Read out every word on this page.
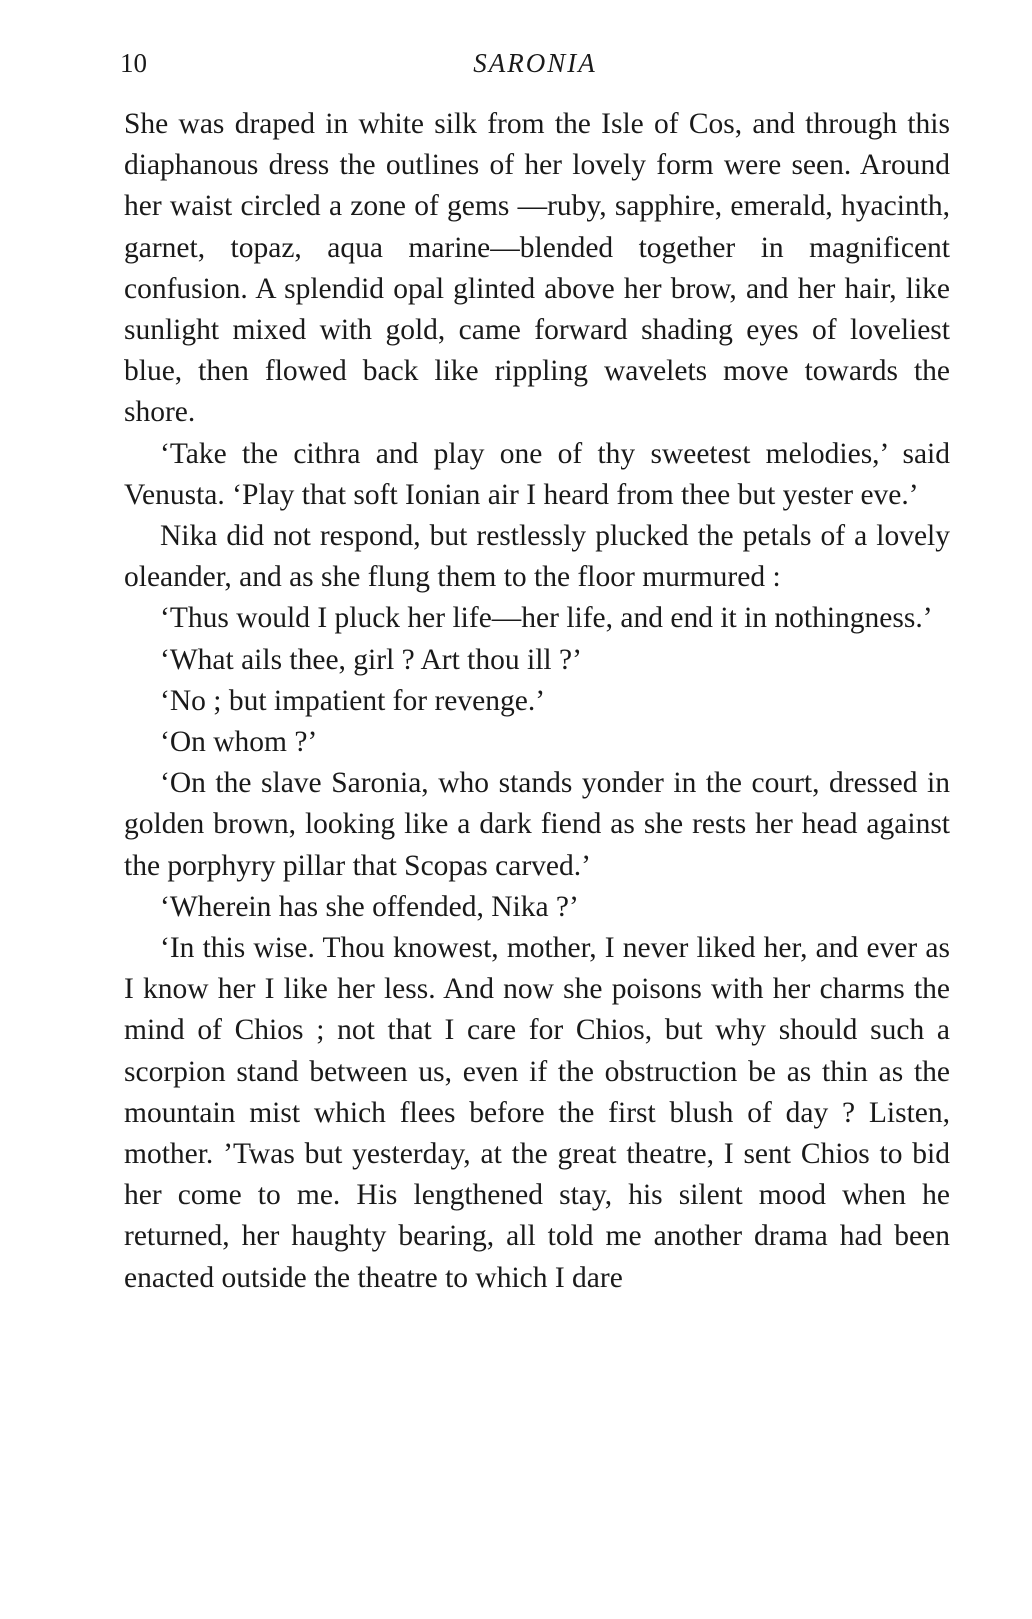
10	SARONIA

She was draped in white silk from the Isle of Cos, and through this diaphanous dress the outlines of her lovely form were seen. Around her waist circled a zone of gems —ruby, sapphire, emerald, hyacinth, garnet, topaz, aqua marine—blended together in magnificent confusion. A splendid opal glinted above her brow, and her hair, like sunlight mixed with gold, came forward shading eyes of loveliest blue, then flowed back like rippling wavelets move towards the shore.

‘Take the cithra and play one of thy sweetest melodies,’ said Venusta. ‘Play that soft Ionian air I heard from thee but yester eve.’

Nika did not respond, but restlessly plucked the petals of a lovely oleander, and as she flung them to the floor murmured :

‘Thus would I pluck her life—her life, and end it in nothingness.’

‘What ails thee, girl ? Art thou ill ?’

‘No ; but impatient for revenge.’

‘On whom ?’

‘On the slave Saronia, who stands yonder in the court, dressed in golden brown, looking like a dark fiend as she rests her head against the porphyry pillar that Scopas carved.’

‘Wherein has she offended, Nika ?’

‘In this wise. Thou knowest, mother, I never liked her, and ever as I know her I like her less. And now she poisons with her charms the mind of Chios ; not that I care for Chios, but why should such a scorpion stand between us, even if the obstruction be as thin as the mountain mist which flees before the first blush of day ? Listen, mother. ’Twas but yesterday, at the great theatre, I sent Chios to bid her come to me. His lengthened stay, his silent mood when he returned, her haughty bearing, all told me another drama had been enacted outside the theatre to which I dare
